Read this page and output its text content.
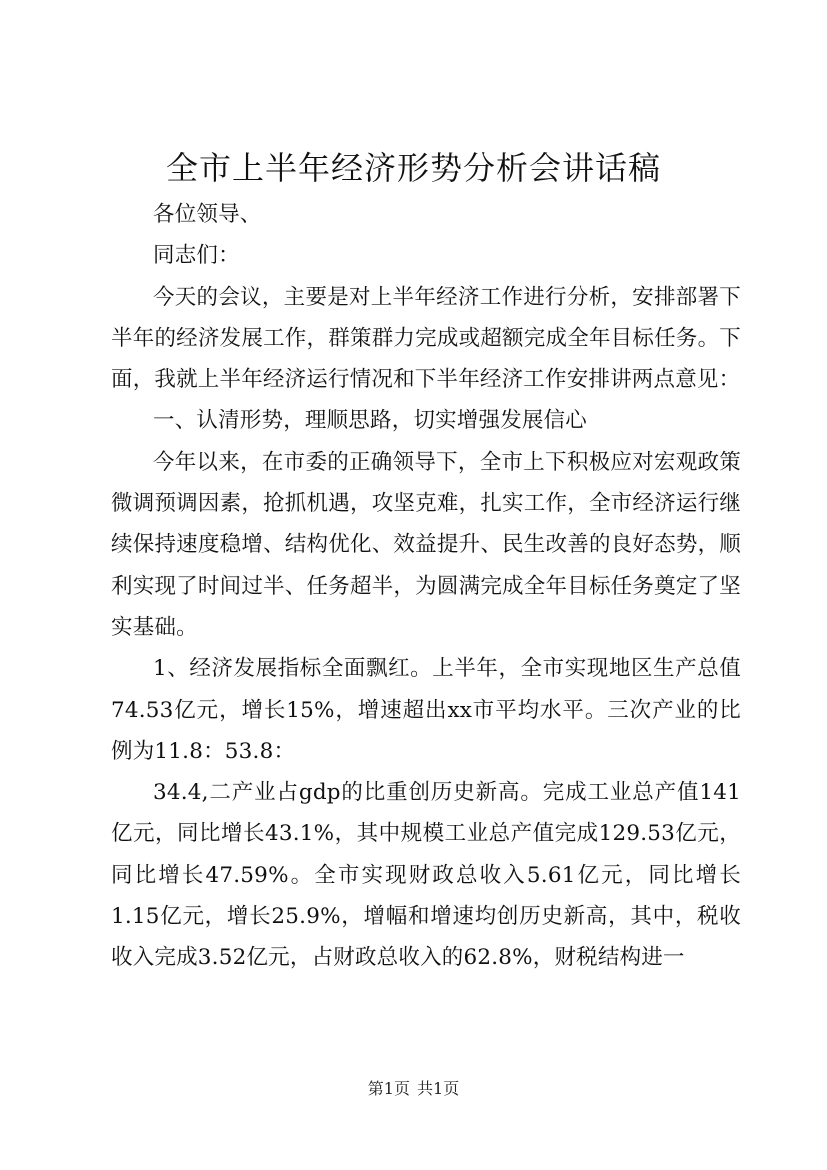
全市上半年经济形势分析会讲话稿

各位领导、

同志们：

今天的会议，主要是对上半年经济工作进行分析，安排部署下半年的经济发展工作，群策群力完成或超额完成全年目标任务。下面，我就上半年经济运行情况和下半年经济工作安排讲两点意见：

一、认清形势，理顺思路，切实增强发展信心

今年以来，在市委的正确领导下，全市上下积极应对宏观政策微调预调因素，抢抓机遇，攻坚克难，扎实工作，全市经济运行继续保持速度稳增、结构优化、效益提升、民生改善的良好态势，顺利实现了时间过半、任务超半，为圆满完成全年目标任务奠定了坚实基础。

1、经济发展指标全面飘红。上半年，全市实现地区生产总值74.53亿元，增长15%，增速超出xx市平均水平。三次产业的比例为11.8：53.8：

34.4,二产业占gdp的比重创历史新高。完成工业总产值141亿元，同比增长43.1%，其中规模工业总产值完成129.53亿元，同比增长47.59%。全市实现财政总收入5.61亿元，同比增长1.15亿元，增长25.9%，增幅和增速均创历史新高，其中，税收收入完成3.52亿元，占财政总收入的62.8%，财税结构进一

第1页 共1页
